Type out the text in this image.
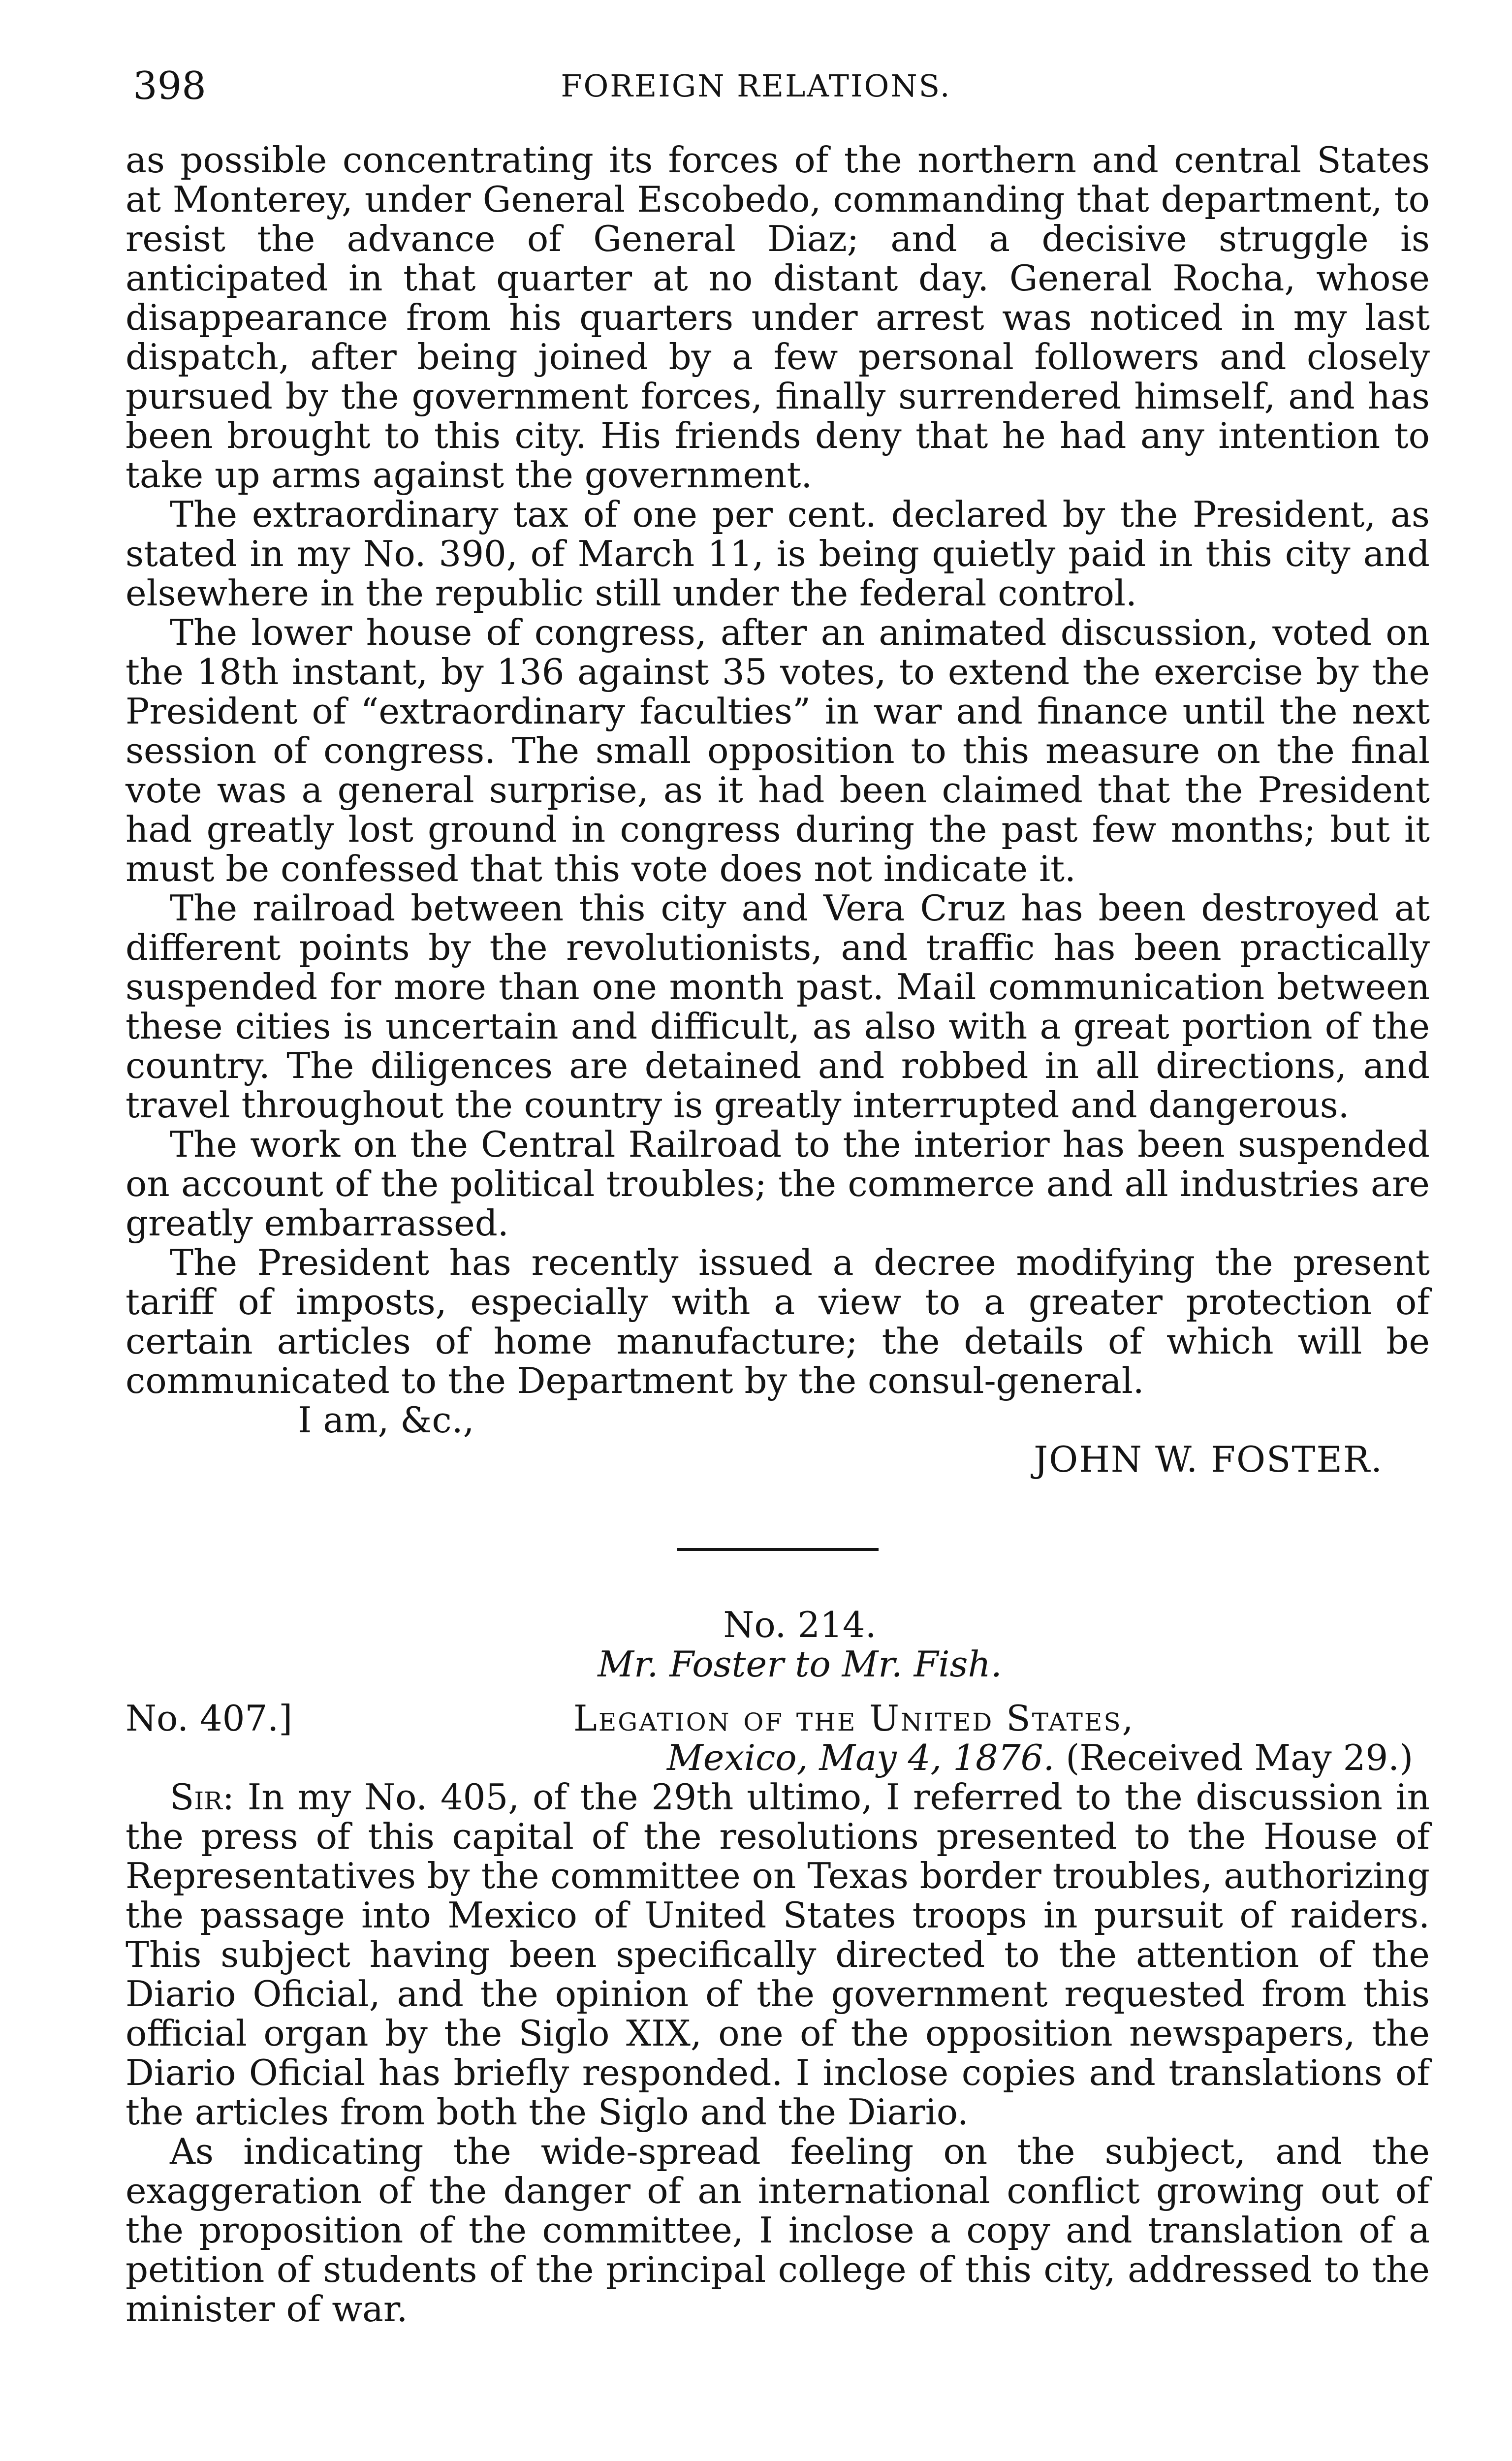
398	FOREIGN RELATIONS.

as possible concentrating its forces of the northern and central States at Monterey, under General Escobedo, commanding that department, to resist the advance of General Diaz; and a decisive struggle is anticipated in that quarter at no distant day. General Rocha, whose disappearance from his quarters under arrest was noticed in my last dispatch, after being joined by a few personal followers and closely pursued by the government forces, finally surrendered himself, and has been brought to this city. His friends deny that he had any intention to take up arms against the government.

The extraordinary tax of one per cent. declared by the President, as stated in my No. 390, of March 11, is being quietly paid in this city and elsewhere in the republic still under the federal control.

The lower house of congress, after an animated discussion, voted on the 18th instant, by 136 against 35 votes, to extend the exercise by the President of “extraordinary faculties” in war and finance until the next session of congress. The small opposition to this measure on the final vote was a general surprise, as it had been claimed that the President had greatly lost ground in congress during the past few months; but it must be confessed that this vote does not indicate it.

The railroad between this city and Vera Cruz has been destroyed at different points by the revolutionists, and traffic has been practically suspended for more than one month past. Mail communication between these cities is uncertain and difficult, as also with a great portion of the country. The diligences are detained and robbed in all directions, and travel throughout the country is greatly interrupted and dangerous.

The work on the Central Railroad to the interior has been suspended on account of the political troubles; the commerce and all industries are greatly embarrassed.

The President has recently issued a decree modifying the present tariff of imposts, especially with a view to a greater protection of certain articles of home manufacture; the details of which will be communicated to the Department by the consul-general.

I am, &c.,

JOHN W. FOSTER.

No. 214.

Mr. Foster to Mr. Fish.

No. 407.]	Legation of the United States,

Mexico, May 4, 1876. (Received May 29.)

Sir: In my No. 405, of the 29th ultimo, I referred to the discussion in the press of this capital of the resolutions presented to the House of Representatives by the committee on Texas border troubles, authorizing the passage into Mexico of United States troops in pursuit of raiders. This subject having been specifically directed to the attention of the Diario Oficial, and the opinion of the government requested from this official organ by the Siglo XIX, one of the opposition newspapers, the Diario Oficial has briefly responded. I inclose copies and translations of the articles from both the Siglo and the Diario.

As indicating the wide-spread feeling on the subject, and the exaggeration of the danger of an international conflict growing out of the proposition of the committee, I inclose a copy and translation of a petition of students of the principal college of this city, addressed to the minister of war.
